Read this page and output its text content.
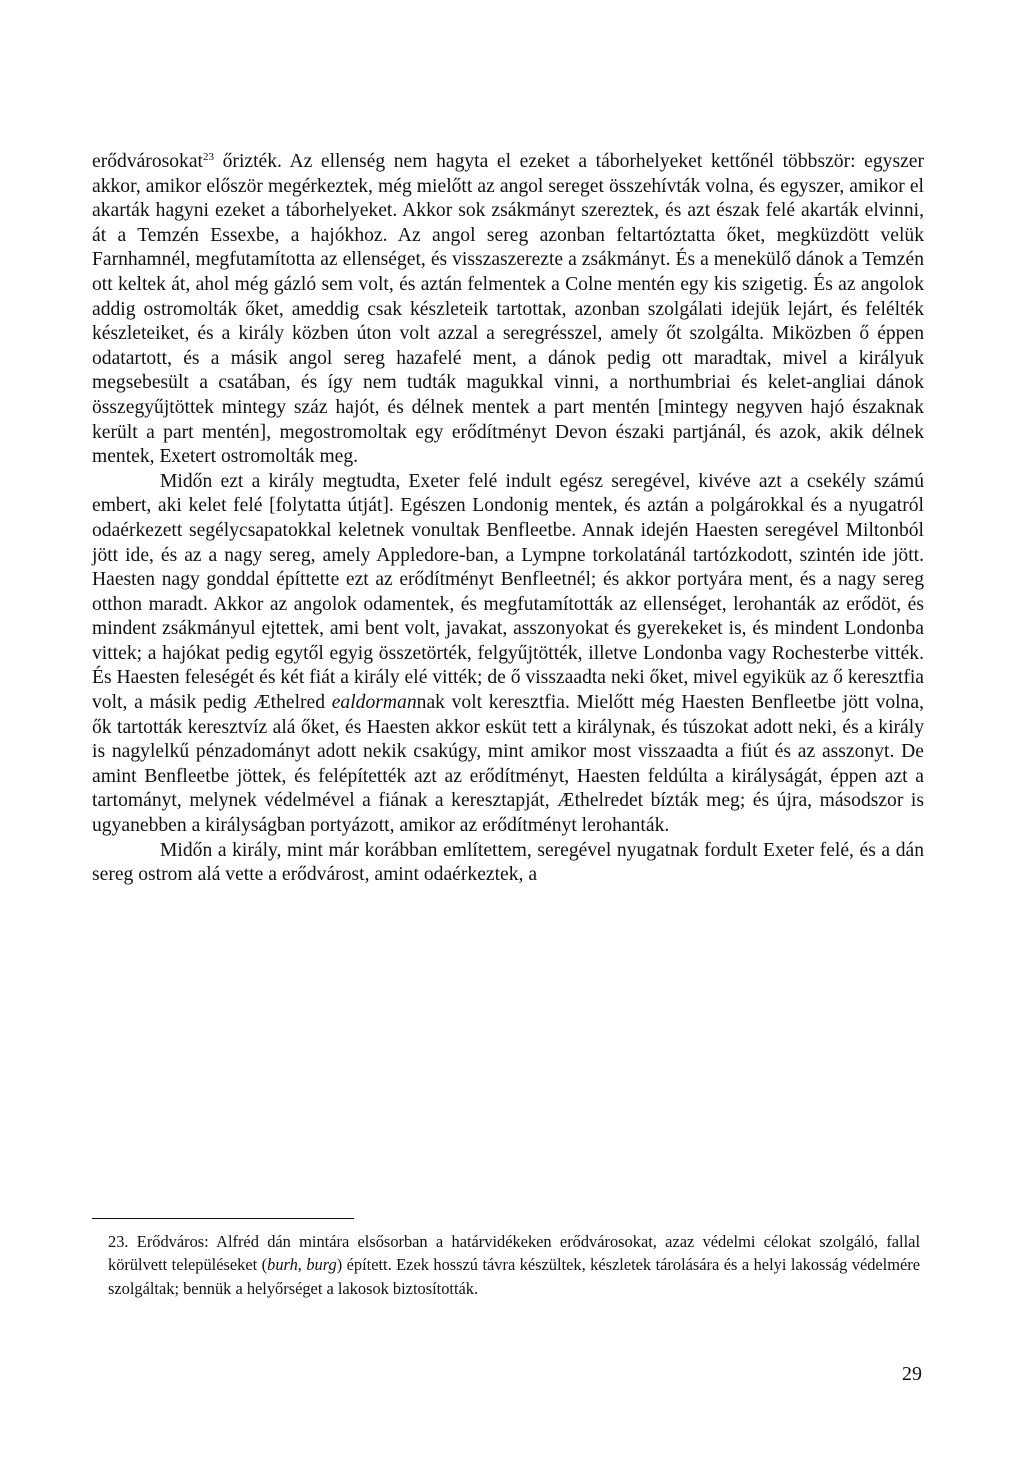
erődvárosokat$^{23}$ őrizték. Az ellenség nem hagyta el ezeket a táborhelyeket kettőnél többször: egyszer akkor, amikor először megérkeztek, még mielőtt az angol sereget összehívták volna, és egyszer, amikor el akarták hagyni ezeket a táborhelyeket. Akkor sok zsákmányt szereztek, és azt észak felé akarták elvinni, át a Temzén Essexbe, a hajókhoz. Az angol sereg azonban feltartóztatta őket, megküzdött velük Farnhamnél, megfutamította az ellenséget, és visszaszerezte a zsákmányt. És a menekülő dánok a Temzén ott keltek át, ahol még gázló sem volt, és aztán felmentek a Colne mentén egy kis szigetig. És az angolok addig ostromolták őket, ameddig csak készleteik tartottak, azonban szolgálati idejük lejárt, és felélték készleteiket, és a király közben úton volt azzal a seregrésszel, amely őt szolgálta. Miközben ő éppen odatartott, és a másik angol sereg hazafelé ment, a dánok pedig ott maradtak, mivel a királyuk megsebesült a csatában, és így nem tudták magukkal vinni, a northumbriai és kelet-angliai dánok összegyűjtöttek mintegy száz hajót, és délnek mentek a part mentén [mintegy negyven hajó északnak került a part mentén], megostromoltak egy erődítményt Devon északi partjánál, és azok, akik délnek mentek, Exetert ostromolták meg.

Midőn ezt a király megtudta, Exeter felé indult egész seregével, kivéve azt a csekély számú embert, aki kelet felé [folytatta útját]. Egészen Londonig mentek, és aztán a polgárokkal és a nyugatról odaérkezett segélycsapatokkal keletnek vonultak Benfleetbe. Annak idején Haesten seregével Miltonból jött ide, és az a nagy sereg, amely Appledore-ban, a Lympne torkolatánál tartózkodott, szintén ide jött. Haesten nagy gonddal építtette ezt az erődítményt Benfleetnél; és akkor portyára ment, és a nagy sereg otthon maradt. Akkor az angolok odamentek, és megfutamították az ellenséget, lerohanták az erődöt, és mindent zsákmányul ejtettek, ami bent volt, javakat, asszonyokat és gyerekeket is, és mindent Londonba vittek; a hajókat pedig egytől egyig összetörték, felgyűjtötték, illetve Londonba vagy Rochesterbe vitték. És Haesten feleségét és két fiát a király elé vitték; de ő visszaadta neki őket, mivel egyikük az ő keresztfia volt, a másik pedig Æthelred ealdormannak volt keresztfia. Mielőtt még Haesten Benfleetbe jött volna, ők tartották keresztvíz alá őket, és Haesten akkor esküt tett a királynak, és túszokat adott neki, és a király is nagylelkű pénzadományt adott nekik csakúgy, mint amikor most visszaadta a fiút és az asszonyt. De amint Benfleetbe jöttek, és felépítették azt az erődítményt, Haesten feldúlta a királyságát, éppen azt a tartományt, melynek védelmével a fiának a keresztapját, Æthelredet bízták meg; és újra, másodszor is ugyanebben a királyságban portyázott, amikor az erődítményt lerohanták.

Midőn a király, mint már korábban említettem, seregével nyugatnak fordult Exeter felé, és a dán sereg ostrom alá vette a erődvárost, amint odaérkeztek, a

23. Erődváros: Alfréd dán mintára elsősorban a határvidékeken erődvárosokat, azaz védelmi célokat szolgáló, fallal körülvett településeket (burh, burg) épített. Ezek hosszú távra készültek, készletek tárolására és a helyi lakosság védelmére szolgáltak; bennük a helyőrséget a lakosok biztosították.

29
